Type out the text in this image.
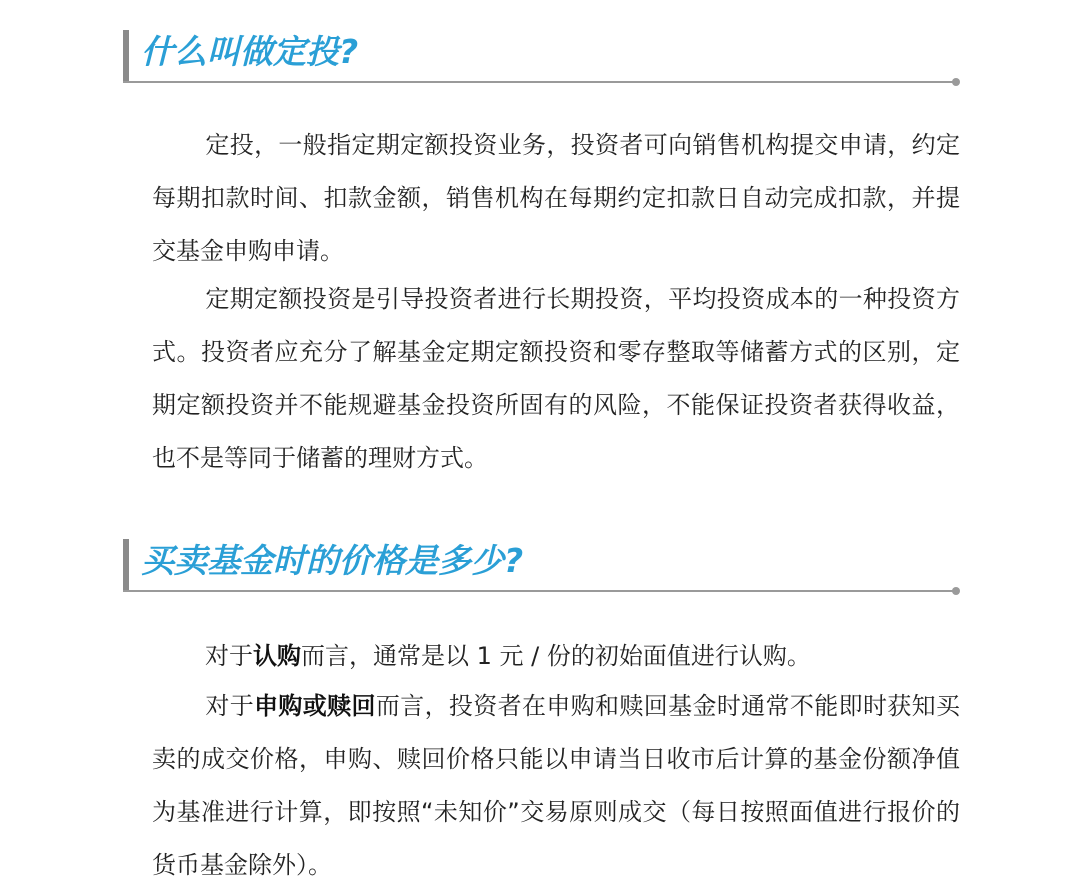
什么叫做定投?

定投，一般指定期定额投资业务，投资者可向销售机构提交申请，约定每期扣款时间、扣款金额，销售机构在每期约定扣款日自动完成扣款，并提交基金申购申请。

定期定额投资是引导投资者进行长期投资，平均投资成本的一种投资方式。投资者应充分了解基金定期定额投资和零存整取等储蓄方式的区别，定期定额投资并不能规避基金投资所固有的风险，不能保证投资者获得收益，也不是等同于储蓄的理财方式。

买卖基金时的价格是多少?

对于认购而言，通常是以 1 元 / 份的初始面值进行认购。

对于申购或赎回而言，投资者在申购和赎回基金时通常不能即时获知买卖的成交价格，申购、赎回价格只能以申请当日收市后计算的基金份额净值为基准进行计算，即按照“未知价”交易原则成交（每日按照面值进行报价的货币基金除外）。
